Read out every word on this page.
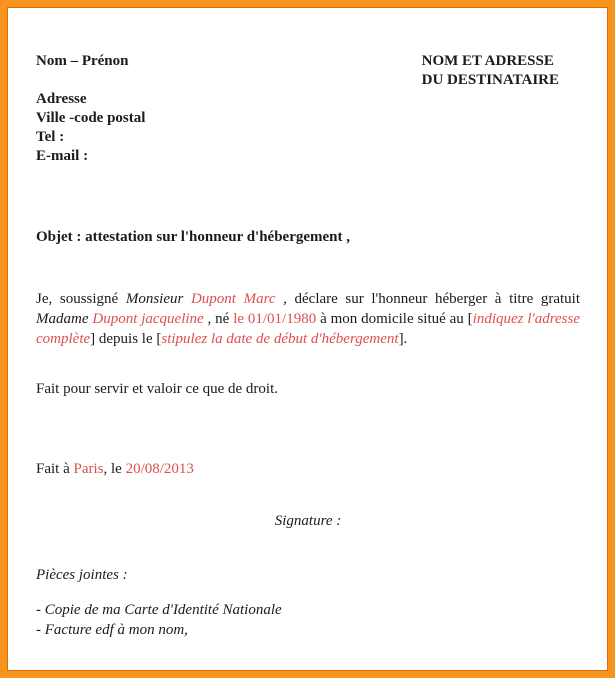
Nom – Prénon
Adresse
Ville -code postal
Tel :
E-mail :
NOM ET ADRESSE
DU DESTINATAIRE
Objet : attestation sur l'honneur d'hébergement ,

Je, soussigné Monsieur Dupont Marc , déclare sur l'honneur héberger à titre gratuit Madame Dupont jacqueline , né le 01/01/1980 à mon domicile situé au [indiquez l'adresse complète] depuis le [stipulez la date de début d'hébergement].

Fait pour servir et valoir ce que de droit.
Fait à Paris, le 20/08/2013
Signature :
Pièces jointes :
- Copie de ma Carte d'Identité Nationale
- Facture edf à mon nom,
